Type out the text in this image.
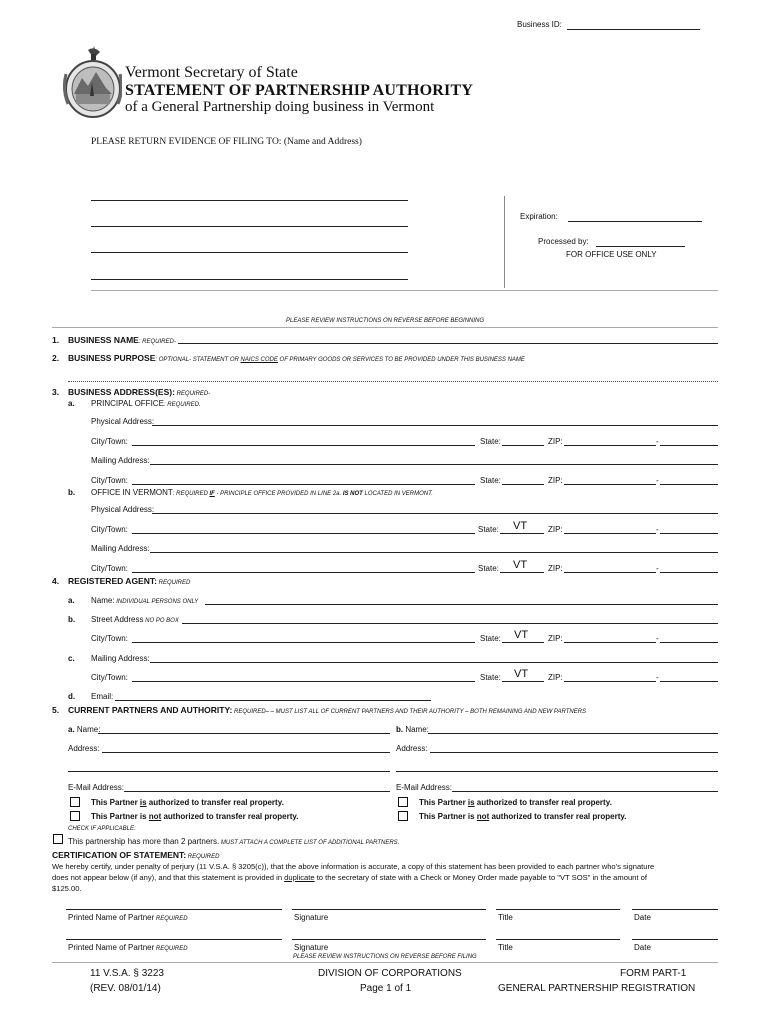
Business ID:
Vermont Secretary of State
STATEMENT OF PARTNERSHIP AUTHORITY
of a General Partnership doing business in Vermont
PLEASE RETURN EVIDENCE OF FILING TO: (Name and Address)
Expiration:
Processed by:
FOR OFFICE USE ONLY
PLEASE REVIEW INSTRUCTIONS ON REVERSE BEFORE BEGINNING
1. BUSINESS NAME: REQUIRED-
2. BUSINESS PURPOSE: OPTIONAL- STATEMENT OR NAICS CODE OF PRIMARY GOODS OR SERVICES TO BE PROVIDED UNDER THIS BUSINESS NAME
3. BUSINESS ADDRESS(ES): REQUIRED-
a. PRINCIPAL OFFICE: REQUIRED.
Physical Address:
City/Town:	State:	ZIP:	-
Mailing Address:
City/Town:	State:	ZIP:	-
b. OFFICE IN VERMONT: REQUIRED IF - PRINCIPLE OFFICE PROVIDED IN LINE 2a. IS NOT LOCATED IN VERMONT.
Physical Address:
City/Town:	State: VT	ZIP:	-
Mailing Address:
City/Town:	State: VT	ZIP:	-
4. REGISTERED AGENT: REQUIRED
a. Name: INDIVIDUAL PERSONS ONLY
b. Street Address NO PO BOX
City/Town:	State: VT ZIP:	-
c. Mailing Address:
City/Town:	State: VT ZIP:	-
d. Email:
5. CURRENT PARTNERS AND AUTHORITY: REQUIRED– – MUST LIST ALL OF CURRENT PARTNERS AND THEIR AUTHORITY – BOTH REMAINING AND NEW PARTNERS
a. Name:	b. Name:
Address:	Address:
E-Mail Address:	E-Mail Address:
This Partner is authorized to transfer real property.	This Partner is authorized to transfer real property.
This Partner is not authorized to transfer real property.	This Partner is not authorized to transfer real property.
CHECK IF APPLICABLE:
This partnership has more than 2 partners. MUST ATTACH A COMPLETE LIST OF ADDITIONAL PARTNERS.
CERTIFICATION OF STATEMENT: REQUIRED
We hereby certify, under penalty of perjury (11 V.S.A. § 3205(c)), that the above information is accurate, a copy of this statement has been provided to each partner who's signature
does not appear below (if any), and that this statement is provided in duplicate to the secretary of state with a Check or Money Order made payable to "VT SOS" in the amount of
$125.00.
Printed Name of Partner REQUIRED	Signature	Title	Date
Printed Name of Partner REQUIRED	Signature	Title	Date
PLEASE REVIEW INSTRUCTIONS ON REVERSE BEFORE FILING
11 V.S.A. § 3223
(REV. 08/01/14)
DIVISION OF CORPORATIONS
Page 1 of 1
FORM PART-1
GENERAL PARTNERSHIP REGISTRATION
